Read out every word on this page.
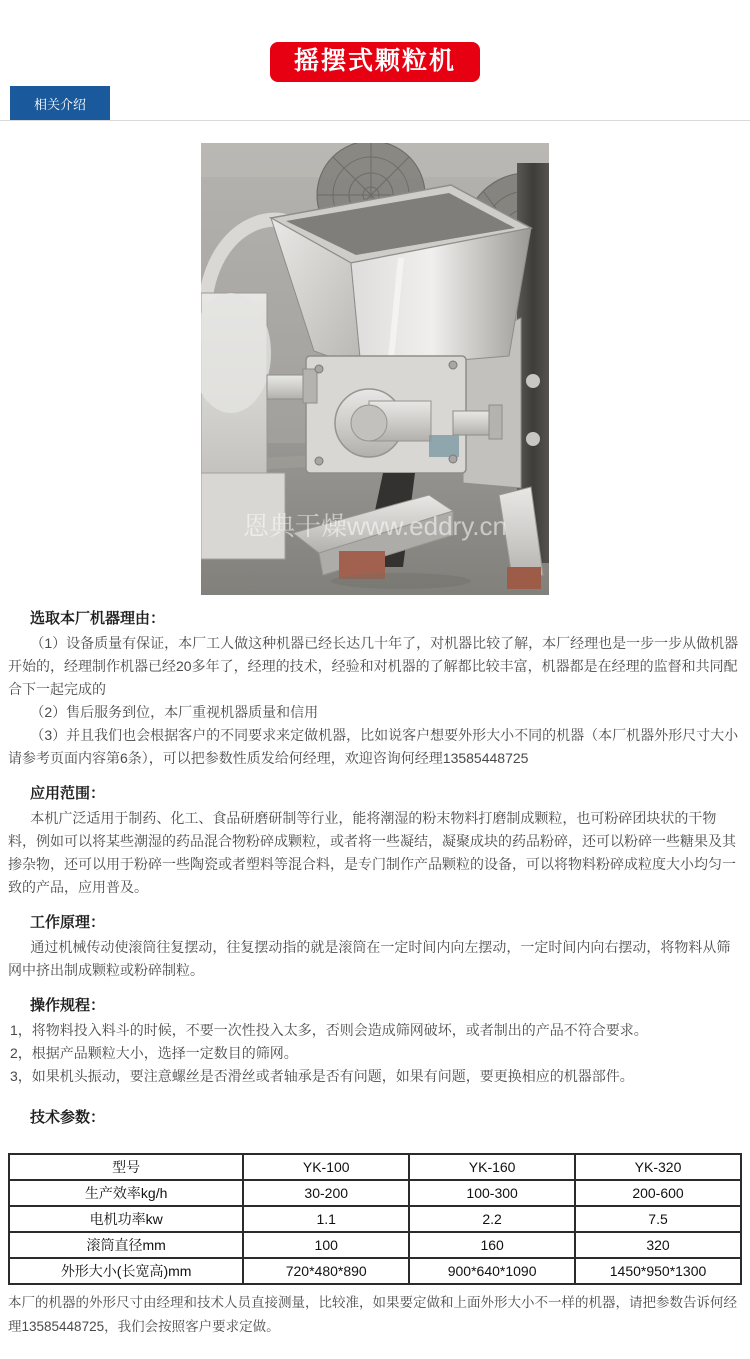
摇摆式颗粒机
相关介绍
恩典干燥www.eddry.cn
选取本厂机器理由：

（1）设备质量有保证，本厂工人做这种机器已经长达几十年了，对机器比较了解，本厂经理也是一步一步从做机器开始的，经理制作机器已经20多年了，经理的技术，经验和对机器的了解都比较丰富，机器都是在经理的监督和共同配合下一起完成的

（2）售后服务到位，本厂重视机器质量和信用

（3）并且我们也会根据客户的不同要求来定做机器，比如说客户想要外形大小不同的机器（本厂机器外形尺寸大小请参考页面内容第6条），可以把参数性质发给何经理，欢迎咨询何经理13585448725

应用范围：

本机广泛适用于制药、化工、食品研磨研制等行业，能将潮湿的粉末物料打磨制成颗粒，也可粉碎团块状的干物料，例如可以将某些潮湿的药品混合物粉碎成颗粒，或者将一些凝结，凝聚成块的药品粉碎，还可以粉碎一些糖果及其掺杂物，还可以用于粉碎一些陶瓷或者塑料等混合料，是专门制作产品颗粒的设备，可以将物料粉碎成粒度大小均匀一致的产品，应用普及。

工作原理：

通过机械传动使滚筒往复摆动，往复摆动指的就是滚筒在一定时间内向左摆动，一定时间内向右摆动，将物料从筛网中挤出制成颗粒或粉碎制粒。

操作规程：

1，将物料投入料斗的时候，不要一次性投入太多，否则会造成筛网破坏，或者制出的产品不符合要求。

2，根据产品颗粒大小，选择一定数目的筛网。

3，如果机头振动，要注意螺丝是否滑丝或者轴承是否有问题，如果有问题，要更换相应的机器部件。

技术参数：
型号	YK-100	YK-160	YK-320
生产效率kg/h	30-200	100-300	200-600
电机功率kw	1.1	2.2	7.5
滚筒直径mm	100	160	320
外形大小(长宽高)mm	720*480*890	900*640*1090	1450*950*1300

本厂的机器的外形尺寸由经理和技术人员直接测量，比较准，如果要定做和上面外形大小不一样的机器，请把参数告诉何经理13585448725，我们会按照客户要求定做。
